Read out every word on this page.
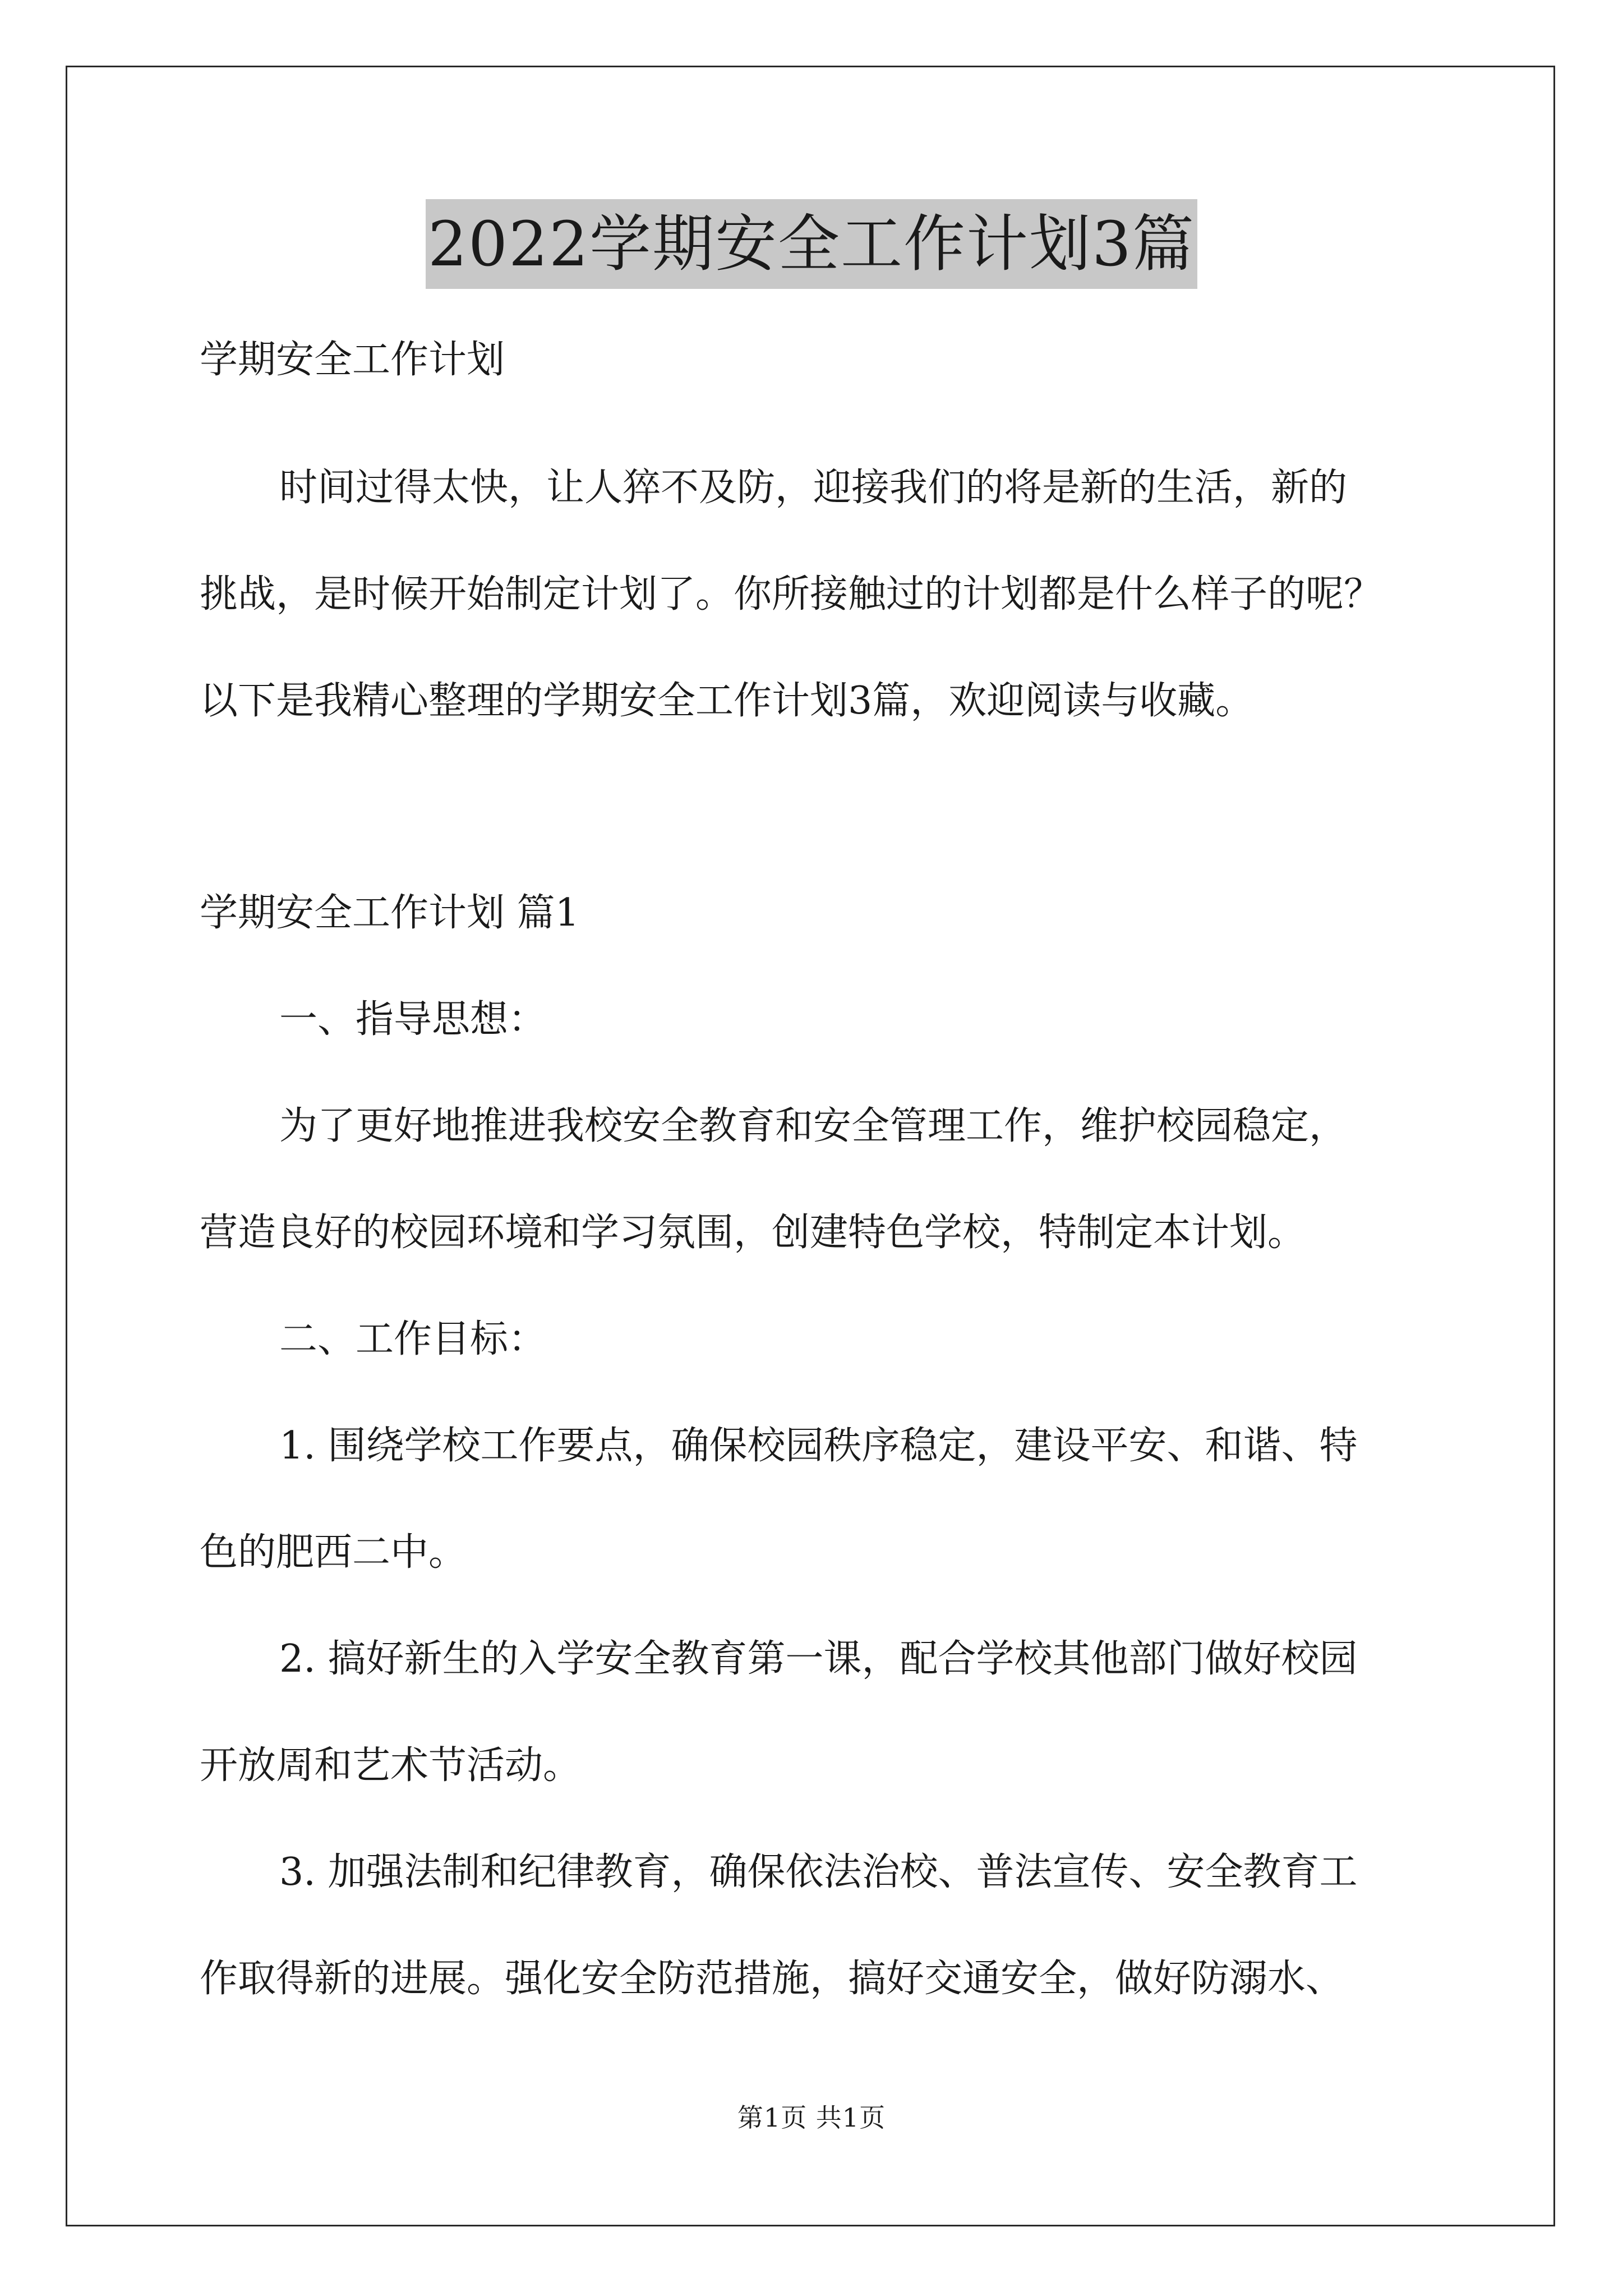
2022学期安全工作计划3篇

学期安全工作计划

时间过得太快，让人猝不及防，迎接我们的将是新的生活，新的

挑战，是时候开始制定计划了。你所接触过的计划都是什么样子的呢？

以下是我精心整理的学期安全工作计划3篇，欢迎阅读与收藏。

学期安全工作计划 篇1

一、指导思想：

为了更好地推进我校安全教育和安全管理工作，维护校园稳定，

营造良好的校园环境和学习氛围，创建特色学校，特制定本计划。

二、工作目标：

1. 围绕学校工作要点，确保校园秩序稳定，建设平安、和谐、特

色的肥西二中。

2. 搞好新生的入学安全教育第一课，配合学校其他部门做好校园

开放周和艺术节活动。

3. 加强法制和纪律教育，确保依法治校、普法宣传、安全教育工

作取得新的进展。强化安全防范措施，搞好交通安全，做好防溺水、

第1页 共1页
